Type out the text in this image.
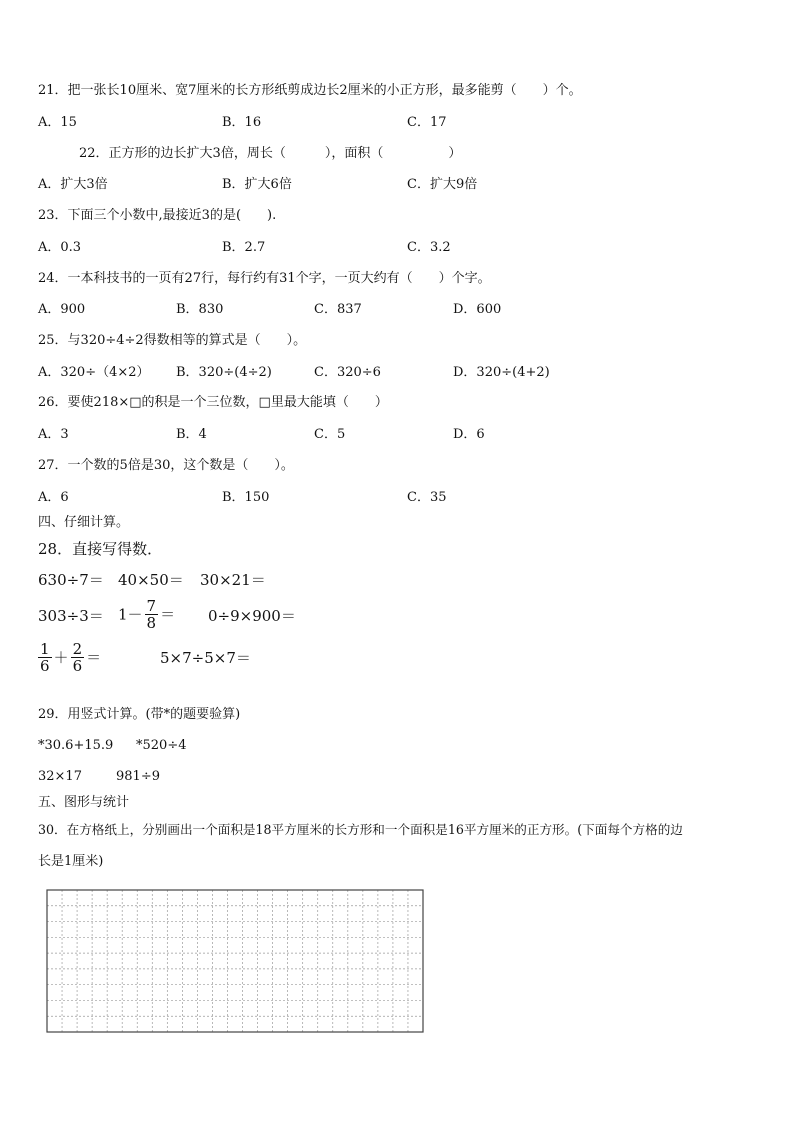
21．把一张长10厘米、宽7厘米的长方形纸剪成边长2厘米的小正方形，最多能剪（　　）个。
A．15	B．16	C．17
22．正方形的边长扩大3倍，周长（　　　），面积（　　　　　）
A．扩大3倍	B．扩大6倍	C．扩大9倍
23．下面三个小数中,最接近3的是(　　).
A．0.3	B．2.7	C．3.2
24．一本科技书的一页有27行，每行约有31个字，一页大约有（　　）个字。
A．900	B．830	C．837	D．600
25．与320÷4÷2得数相等的算式是（　　）。
A．320÷（4×2） B．320÷(4÷2)	C．320÷6	D．320÷(4+2)
26．要使218×□的积是一个三位数，□里最大能填（　　）
A．3	B．4	C．5	D．6
27．一个数的5倍是30，这个数是（　　）。
A．6	B．150	C．35
四、仔细计算。
28．直接写得数．
630÷7＝ 40×50＝ 30×21＝
$303\div 3= 1- \frac{7}{8} = 0\div 9\times 900=$
$\frac{1}{6} + \frac{2}{6}$ ＝	5×7÷5×7＝
29．用竖式计算。(带*的题要验算)
*30.6+15.9 *520÷4
32×17	981÷9
五、图形与统计
30．在方格纸上，分别画出一个面积是18平方厘米的长方形和一个面积是16平方厘米的正方形。(下面每个方格的边
长是1厘米)
